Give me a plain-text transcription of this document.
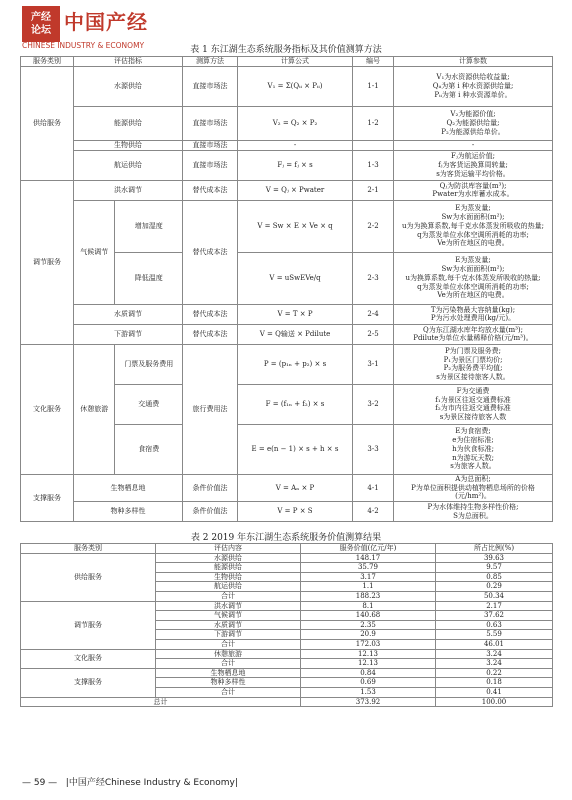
产经
论坛 中国产经
CHINESE INDUSTRY & ECONOMY	表 1 东江湖生态系统服务指标及其价值测算方法
服务类别	评估指标		测算方法	计算公式	编号	计算参数
供给服务	水源供给		直接市场法	V₁ = Σ(Qᵢᵢ × Pᵢᵢ)	1-1	V₁为水资源供给收益量;
Qᵢᵢ为第 i 种水资源供给量;
Pᵢᵢ为第 i 种水资源单价。
	能源供给		直接市场法	V₂ = Q₂ × P₂	1-2	V₂为能源价值;
Q₂为能源供给量;
P₂为能源供给单价。
	生物供给		直接市场法	-		-
	航运供给		直接市场法	Fⱼ = fⱼ × s	1-3	Fⱼ为航运价值;
fⱼ为客货运换算周转量;
s为客货运输平均价格。
调节服务	洪水调节		替代成本法	V = Qⱼ × Pwater	2-1	Qⱼ为防洪库容量(m³);
Pwater为水库蓄水成本。
	气候调节	增加湿度	替代成本法	V = Sw × E × Ve × q	2-2	E为蒸发量;
Sw为水面面积(m²);
u为为换算系数,每千克水体蒸发所吸收的热量;
q为蒸发单位水体空调所消耗的功率;
Ve为所在地区的电费。
		降低温度		V = uSwEVe/q	2-3	E为蒸发量;
Sw为水面面积(m²);
u为换算系数,每千克水体蒸发所吸收的热量;
q为蒸发单位水体空调所消耗的功率;
Ve为所在地区的电费。
	水质调节		替代成本法	V = T × P	2-4	T为污染物最大容纳量(kg);
P为污水处理费用(kg/元)。
	下游调节		替代成本法	V = Q输送 × Pdilute	2-5	Q为东江湖水库年均放水量(m³);
Pdilute为单位水量稀释价格(元/m³)。
文化服务	休憩旅游	门票及服务费用	旅行费用法	P = (p₁ₙ + p₂) × s	3-1	P为门票及服务费;
P₁为景区门票均价;
P₂为服务费平均值;
s为景区接待旅客人数。
		交通费		F = (f₁ₙ + f₂) × s	3-2	F为交通费
f₁为景区往返交通费标准
f₂为市内往返交通费标准
s为景区接待旅客人数
		食宿费		E = e(n − 1) × s + h × s	3-3	E为食宿费;
e为住宿标准;
h为伙食标准;
n为游玩天数;
s为旅客人数。
支撑服务	生物栖息地		条件价值法	V = Aₙ × P	4-1	A为总面积;
P为单位面积提供动植物栖息场所的价格(元/hm²)。
	物种多样性		条件价值法	V = P × S	4-2	P为水体维持生物多样性价格;
S为总面积。
表 2 2019 年东江湖生态系统服务价值测算结果
服务类别	评估内容	服务价值(亿元/年)	所占比例(%)
供给服务	水源供给	148.17	39.63
	能源供给	35.79	9.57
	生物供给	3.17	0.85
	航运供给	1.1	0.29
	合计	188.23	50.34
调节服务	洪水调节	8.1	2.17
	气候调节	140.68	37.62
	水质调节	2.35	0.63
	下游调节	20.9	5.59
	合计	172.03	46.01
文化服务	休憩旅游	12.13	3.24
	合计	12.13	3.24
支撑服务	生物栖息地	0.84	0.22
	物种多样性	0.69	0.18
	合计	1.53	0.41
总计		373.92	100.00
— 59 — |中国产经Chinese Industry & Economy|
